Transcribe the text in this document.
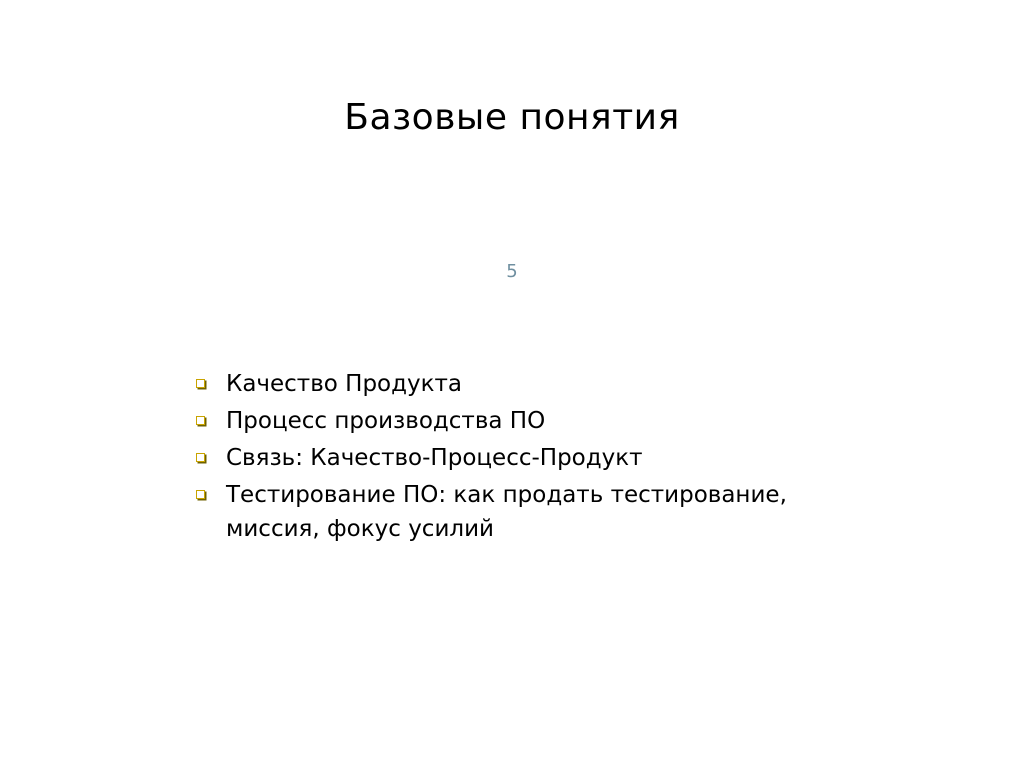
Базовые понятия
5
Качество Продукта
Процесс производства ПО
Связь: Качество-Процесс-Продукт
Тестирование ПО: как продать тестирование, миссия, фокус усилий
